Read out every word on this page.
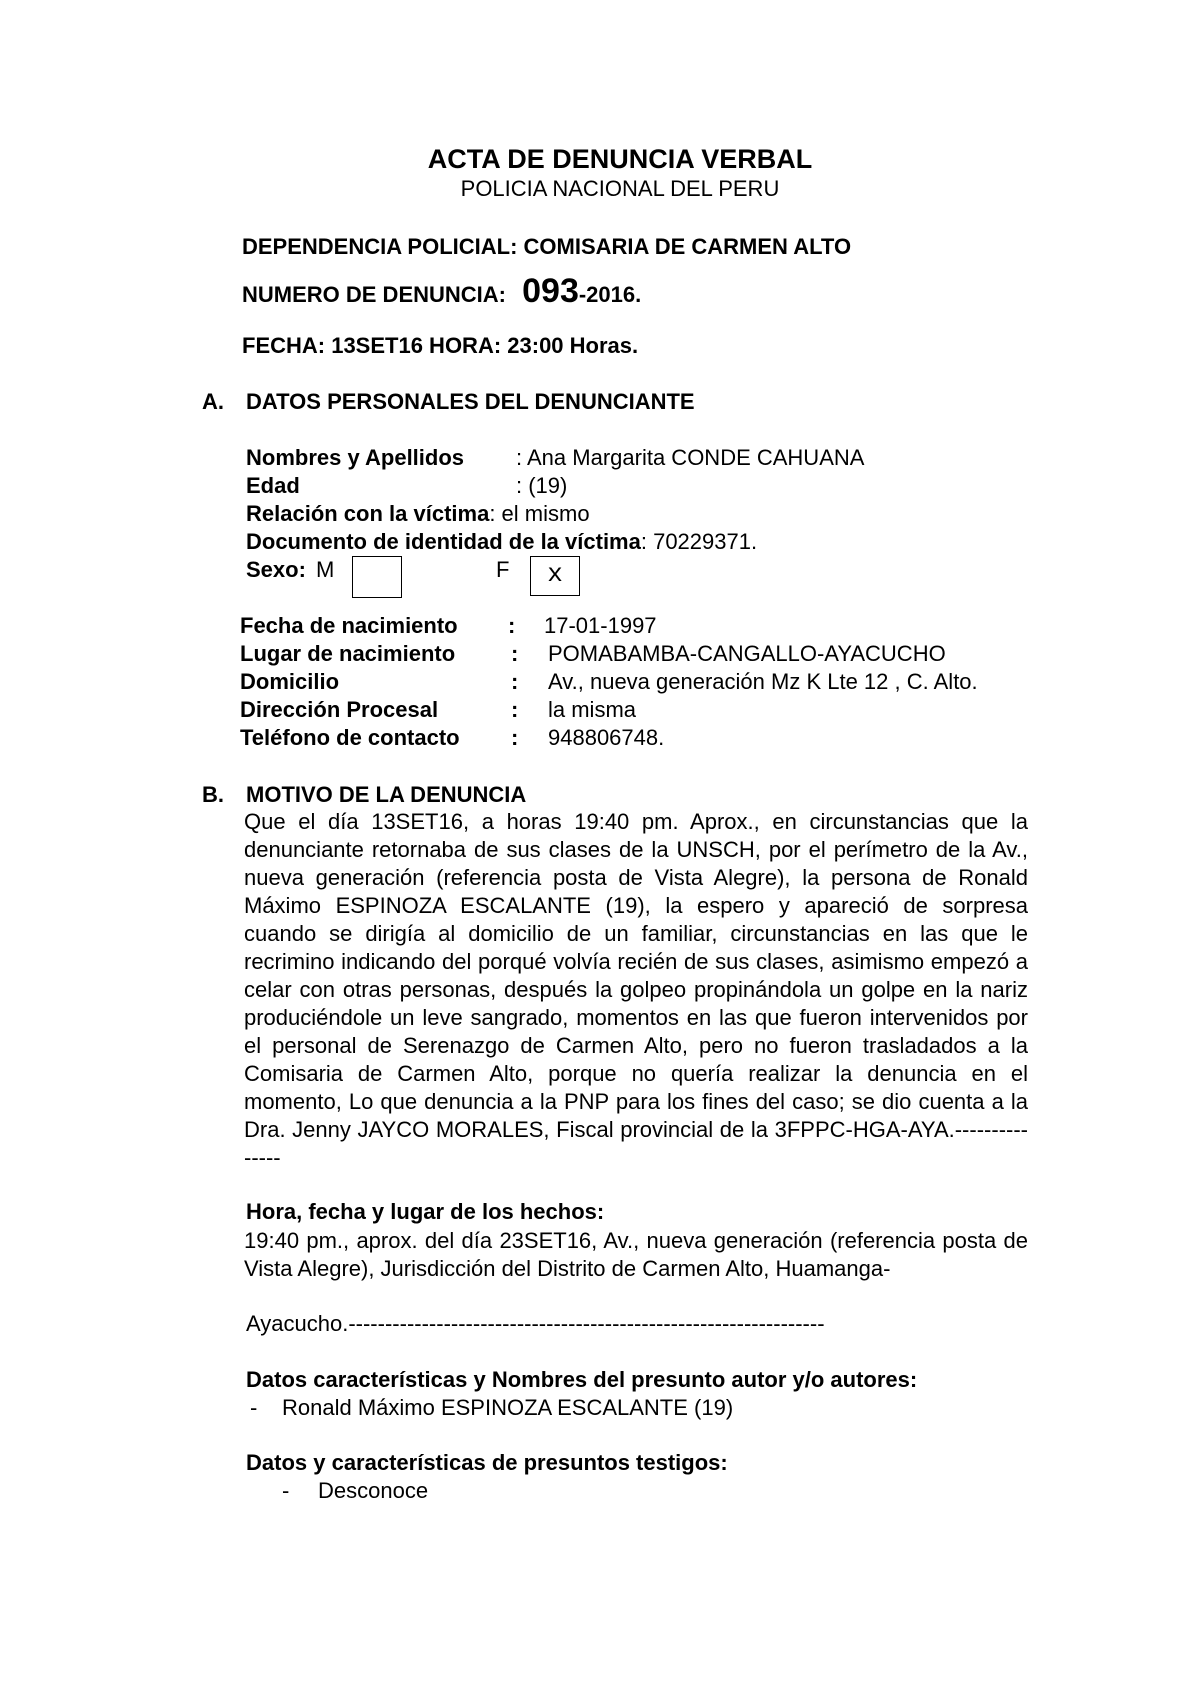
ACTA DE DENUNCIA VERBAL
POLICIA NACIONAL DEL PERU
DEPENDENCIA POLICIAL: COMISARIA DE CARMEN ALTO
NUMERO DE DENUNCIA: 093-2016.
FECHA: 13SET16 HORA: 23:00 Horas.
A. DATOS PERSONALES DEL DENUNCIANTE
Nombres y Apellidos : Ana Margarita CONDE CAHUANA
Edad	: (19)
Relación con la víctima: el mismo
Documento de identidad de la víctima: 70229371.
Sexo: M	F	x
Fecha de nacimiento : 17-01-1997
Lugar de nacimiento	: POMABAMBA-CANGALLO-AYACUCHO
Domicilio	: Av., nueva generación Mz K Lte 12 , C. Alto.
Dirección Procesal	: la misma
Teléfono de contacto : 948806748.
B. MOTIVO DE LA DENUNCIA
Que el día 13SET16, a horas 19:40 pm. Aprox., en circunstancias que la denunciante retornaba de sus clases de la UNSCH, por el perímetro de la Av., nueva generación (referencia posta de Vista Alegre), la persona de Ronald Máximo ESPINOZA ESCALANTE (19), la espero y apareció de sorpresa cuando se dirigía al domicilio de un familiar, circunstancias en las que le recrimino indicando del porqué volvía recién de sus clases, asimismo empezó a celar con otras personas, después la golpeo propinándola un golpe en la nariz produciéndole un leve sangrado, momentos en las que fueron intervenidos por el personal de Serenazgo de Carmen Alto, pero no fueron trasladados a la Comisaria de Carmen Alto, porque no quería realizar la denuncia en el momento, Lo que denuncia a la PNP para los fines del caso; se dio cuenta a la Dra. Jenny JAYCO MORALES, Fiscal provincial de la 3FPPC-HGA-AYA.---------------
Hora, fecha y lugar de los hechos:
19:40 pm., aprox. del día 23SET16, Av., nueva generación (referencia posta de Vista Alegre), Jurisdicción del Distrito de Carmen Alto, Huamanga-
Ayacucho.-----------------------------------------------------------------
Datos características y Nombres del presunto autor y/o autores:
- Ronald Máximo ESPINOZA ESCALANTE (19)
Datos y características de presuntos testigos:
- Desconoce
